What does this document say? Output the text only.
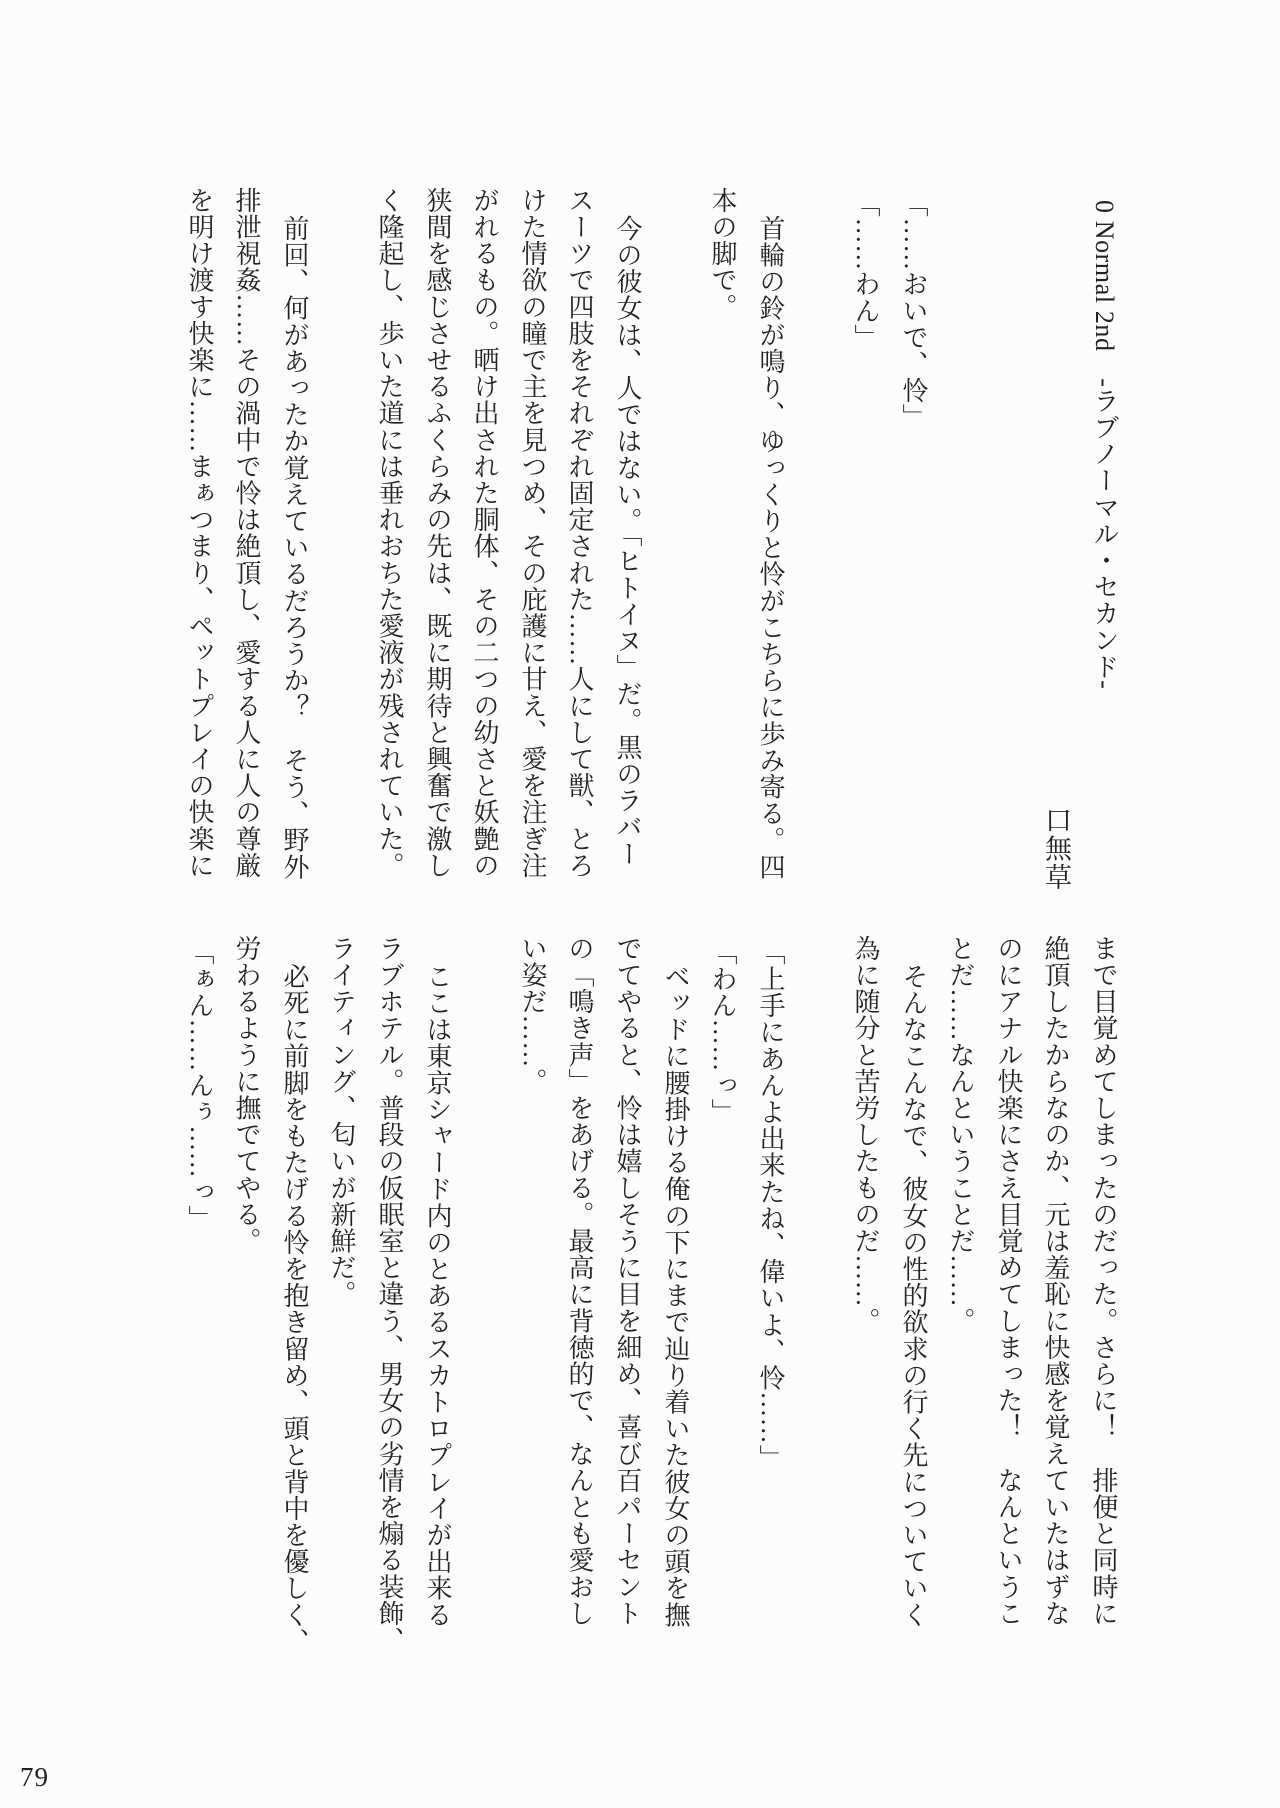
0 Normal 2nd　-ラブノーマル・セカンド-
口無草
「……おいで、怜」
「……わん」
首輪の鈴が鳴り、ゆっくりと怜がこちらに歩み寄る。四
本の脚で。
今の彼女は、人ではない。「ヒトイヌ」だ。黒のラバー
スーツで四肢をそれぞれ固定された……人にして獣、とろ
けた情欲の瞳で主を見つめ、その庇護に甘え、愛を注ぎ注
がれるもの。晒け出された胴体、その二つの幼さと妖艶の
狭間を感じさせるふくらみの先は、既に期待と興奮で激し
く隆起し、歩いた道には垂れおちた愛液が残されていた。
前回、何があったか覚えているだろうか？　そう、野外
排泄視姦……その渦中で怜は絶頂し、愛する人に人の尊厳
を明け渡す快楽に……まぁつまり、ペットプレイの快楽に
まで目覚めてしまったのだった。さらに！　排便と同時に
絶頂したからなのか、元は羞恥に快感を覚えていたはずな
のにアナル快楽にさえ目覚めてしまった！　なんというこ
とだ……なんということだ……。
そんなこんなで、彼女の性的欲求の行く先についていく
為に随分と苦労したものだ……。
「上手にあんよ出来たね、偉いよ、怜……」
「わん……っ」
ベッドに腰掛ける俺の下にまで辿り着いた彼女の頭を撫
でてやると、怜は嬉しそうに目を細め、喜び百パーセント
の「鳴き声」をあげる。最高に背徳的で、なんとも愛おし
い姿だ……。
ここは東京シャード内のとあるスカトロプレイが出来る
ラブホテル。普段の仮眠室と違う、男女の劣情を煽る装飾、
ライティング、匂いが新鮮だ。
必死に前脚をもたげる怜を抱き留め、頭と背中を優しく、
労わるように撫でてやる。
「ぁん……んぅ……っ」
79
